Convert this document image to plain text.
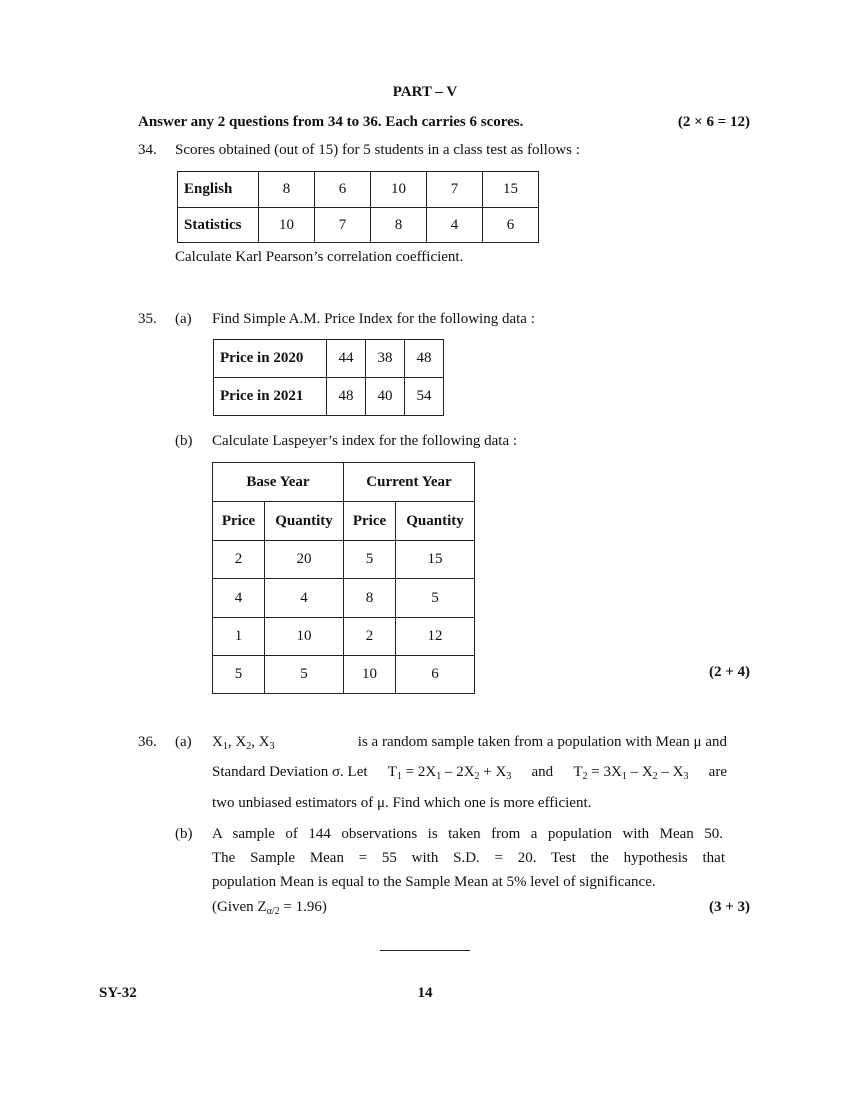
PART – V
Answer any 2 questions from 34 to 36. Each carries 6 scores.	(2 × 6 = 12)
34. Scores obtained (out of 15) for 5 students in a class test as follows :
English	8	6	10	7	15
Statistics	10	7	8	4	6
Calculate Karl Pearson’s correlation coefficient.
35. (a) Find Simple A.M. Price Index for the following data :
Price in 2020	44	38	48
Price in 2021	48	40	54
(b) Calculate Laspeyer’s index for the following data :
Base Year		Current Year	
Price	Quantity	Price	Quantity
2	20	5	15
4	4	8	5
1	10	2	12
5	5	10	6	(2 + 4)
36. (a) $X_1$, $X_2$, $X_3$	is a random sample taken from a population with Mean μ and
Standard Deviation σ. Let $T_1 = 2X_1 - 2X_2 + X_3$ and $T_2 = 3X_1 - X_2 - X_3$ are
two unbiased estimators of μ. Find which one is more efficient.
(b) A sample of 144 observations is taken from a population with Mean 50.
The Sample Mean = 55 with S.D. = 20. Test the hypothesis that
population Mean is equal to the Sample Mean at 5% level of significance.
(Given $Z_{\alpha/2} = 1.96$)	(3 + 3)
SY-32	14
